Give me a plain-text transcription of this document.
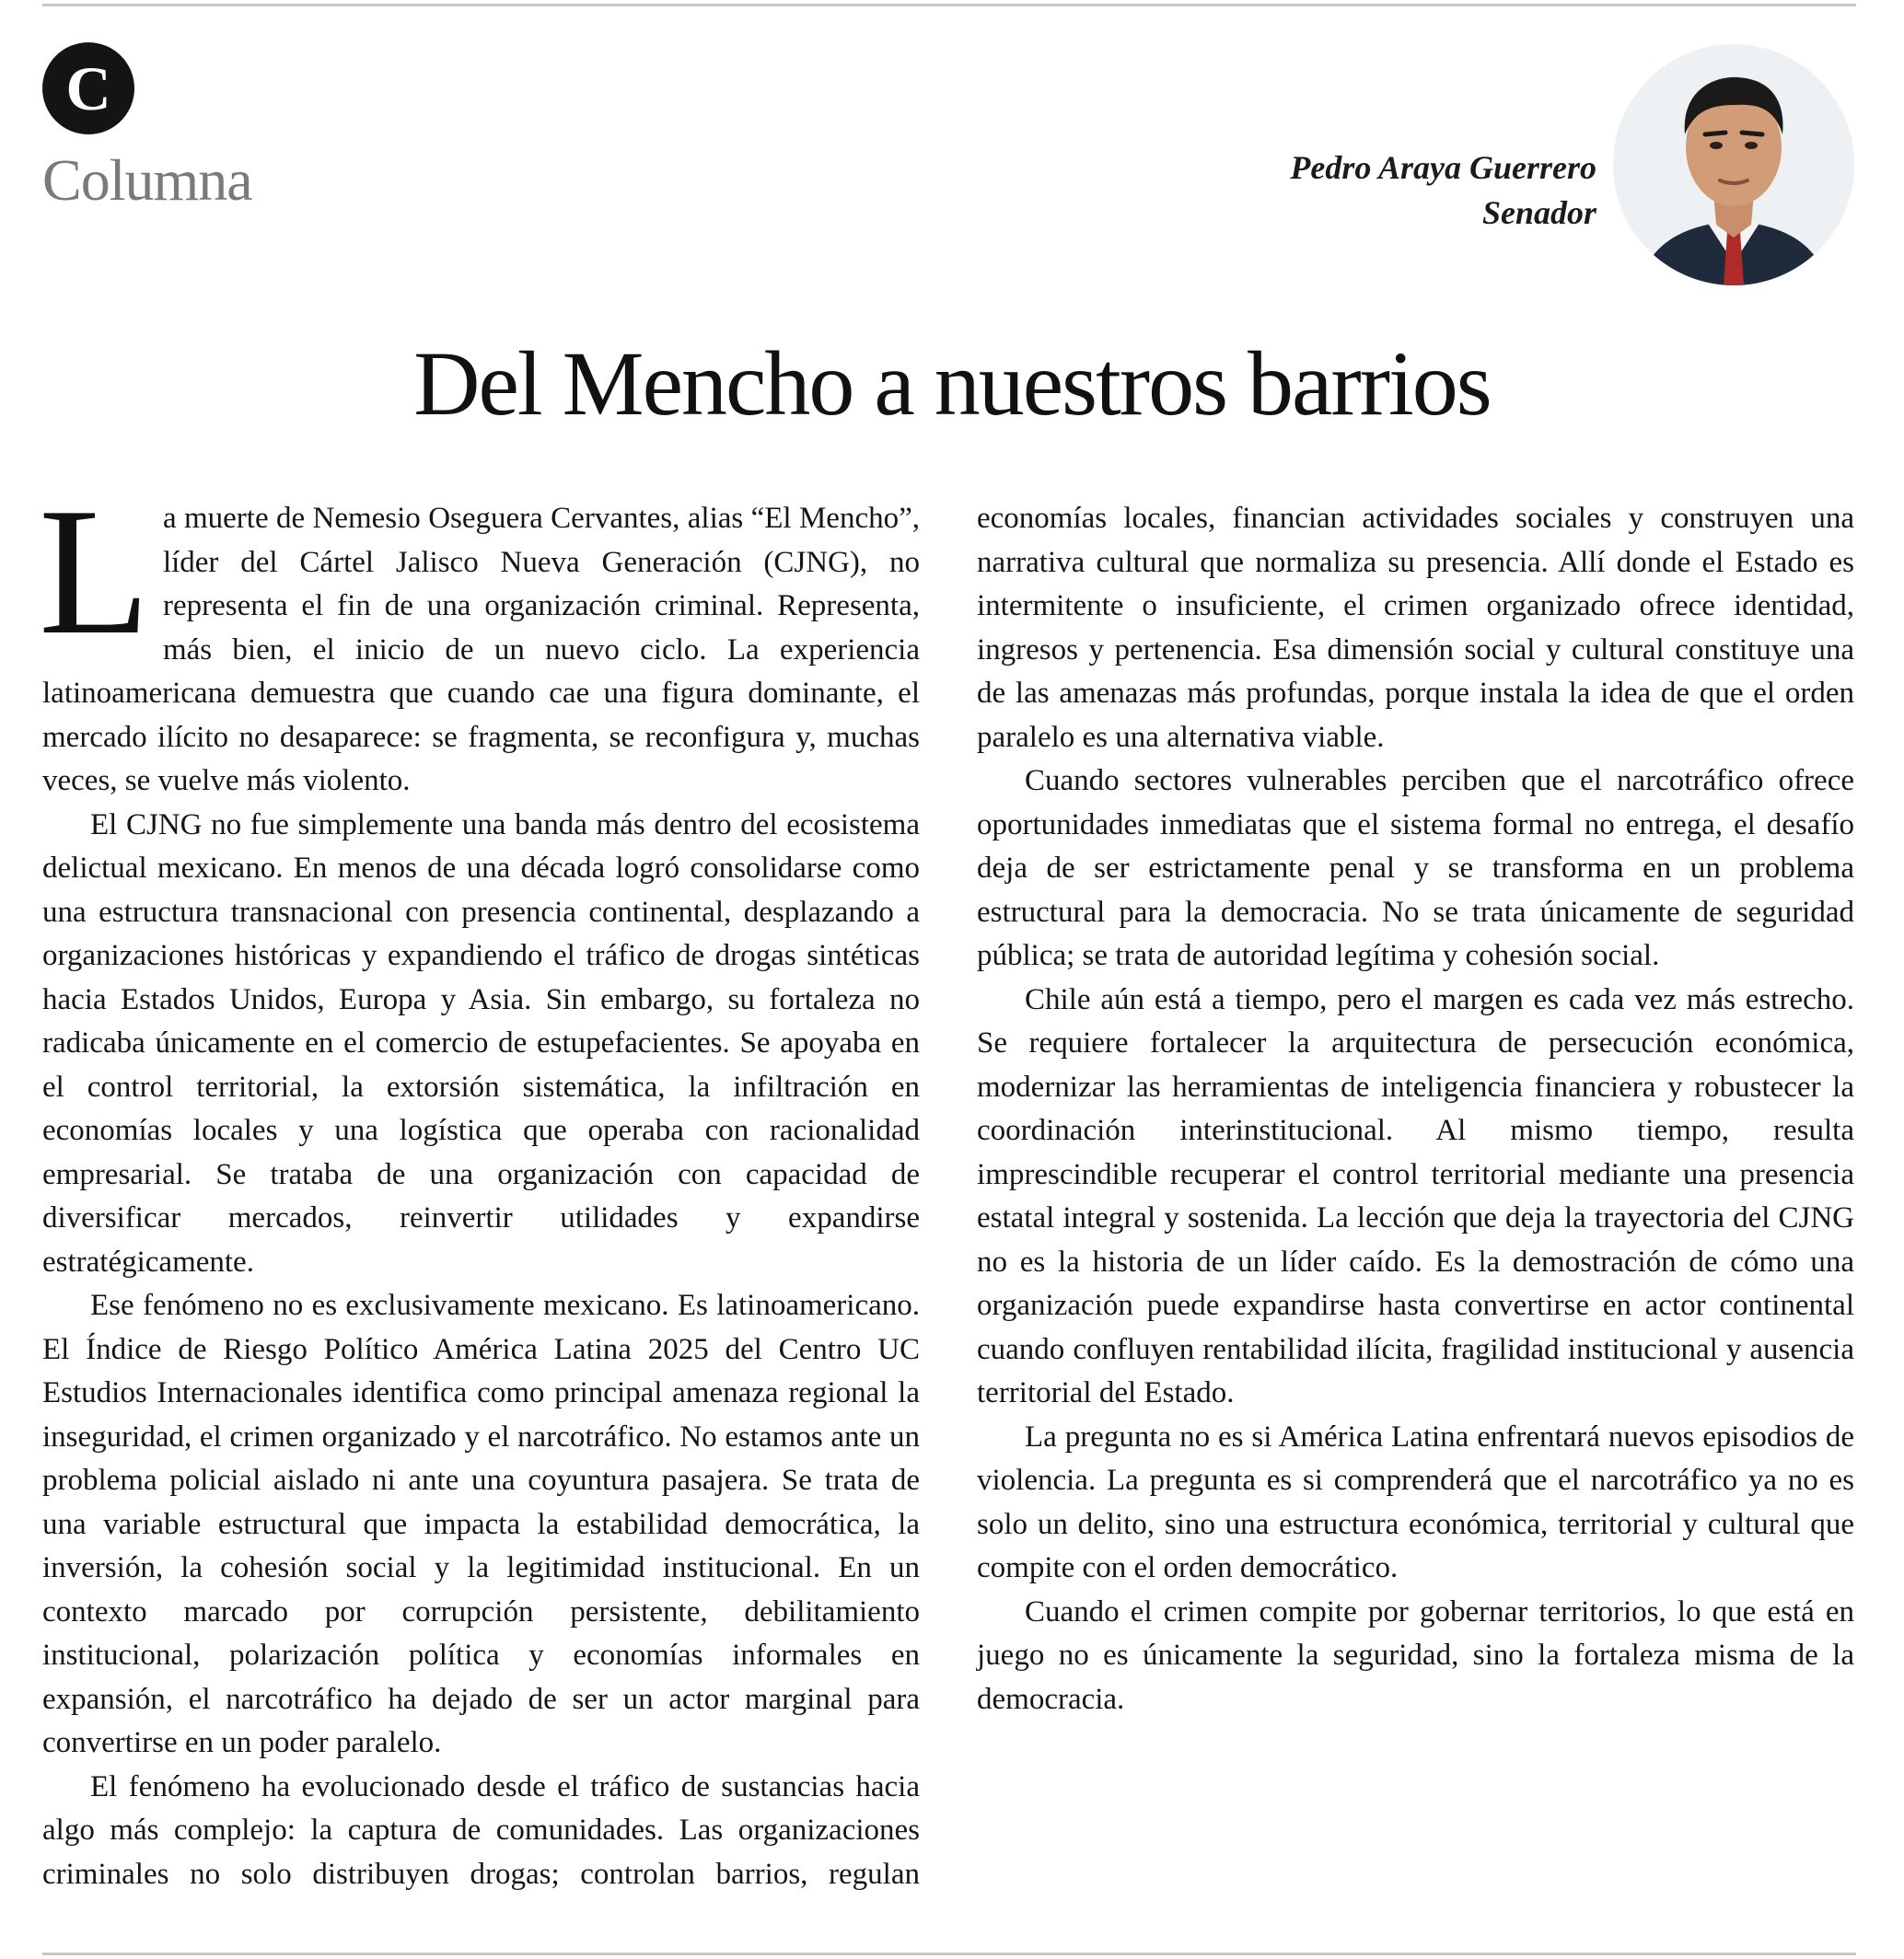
C
Columna	Pedro Araya Guerrero
Senador
Del Mencho a nuestros barrios

La muerte de Nemesio Oseguera Cervantes, alias “El Mencho”, líder del Cártel Jalisco Nueva Generación (CJNG), no representa el fin de una organización criminal. Representa, más bien, el inicio de un nuevo ciclo. La experiencia latinoamericana demuestra que cuando cae una figura dominante, el mercado ilícito no desaparece: se fragmenta, se reconfigura y, muchas veces, se vuelve más violento.

El CJNG no fue simplemente una banda más dentro del ecosistema delictual mexicano. En menos de una década logró consolidarse como una estructura transnacional con presencia continental, desplazando a organizaciones históricas y expandiendo el tráfico de drogas sintéticas hacia Estados Unidos, Europa y Asia. Sin embargo, su fortaleza no radicaba únicamente en el comercio de estupefacientes. Se apoyaba en el control territorial, la extorsión sistemática, la infiltración en economías locales y una logística que operaba con racionalidad empresarial. Se trataba de una organización con capacidad de diversificar mercados, reinvertir utilidades y expandirse estratégicamente.

Ese fenómeno no es exclusivamente mexicano. Es latinoamericano. El Índice de Riesgo Político América Latina 2025 del Centro UC Estudios Internacionales identifica como principal amenaza regional la inseguridad, el crimen organizado y el narcotráfico. No estamos ante un problema policial aislado ni ante una coyuntura pasajera. Se trata de una variable estructural que impacta la estabilidad democrática, la inversión, la cohesión social y la legitimidad institucional. En un contexto marcado por corrupción persistente, debilitamiento institucional, polarización política y economías informales en expansión, el narcotráfico ha dejado de ser un actor marginal para convertirse en un poder paralelo.

El fenómeno ha evolucionado desde el tráfico de sustancias hacia algo más complejo: la captura de comunidades. Las organizaciones criminales no solo distribuyen drogas; controlan barrios, regulan economías locales, financian actividades sociales y construyen una narrativa cultural que normaliza su presencia. Allí donde el Estado es intermitente o insuficiente, el crimen organizado ofrece identidad, ingresos y pertenencia. Esa dimensión social y cultural constituye una de las amenazas más profundas, porque instala la idea de que el orden paralelo es una alternativa viable.

Cuando sectores vulnerables perciben que el narcotráfico ofrece oportunidades inmediatas que el sistema formal no entrega, el desafío deja de ser estrictamente penal y se transforma en un problema estructural para la democracia. No se trata únicamente de seguridad pública; se trata de autoridad legítima y cohesión social.

Chile aún está a tiempo, pero el margen es cada vez más estrecho. Se requiere fortalecer la arquitectura de persecución económica, modernizar las herramientas de inteligencia financiera y robustecer la coordinación interinstitucional. Al mismo tiempo, resulta imprescindible recuperar el control territorial mediante una presencia estatal integral y sostenida. La lección que deja la trayectoria del CJNG no es la historia de un líder caído. Es la demostración de cómo una organización puede expandirse hasta convertirse en actor continental cuando confluyen rentabilidad ilícita, fragilidad institucional y ausencia territorial del Estado.

La pregunta no es si América Latina enfrentará nuevos episodios de violencia. La pregunta es si comprenderá que el narcotráfico ya no es solo un delito, sino una estructura económica, territorial y cultural que compite con el orden democrático.

Cuando el crimen compite por gobernar territorios, lo que está en juego no es únicamente la seguridad, sino la fortaleza misma de la democracia.
